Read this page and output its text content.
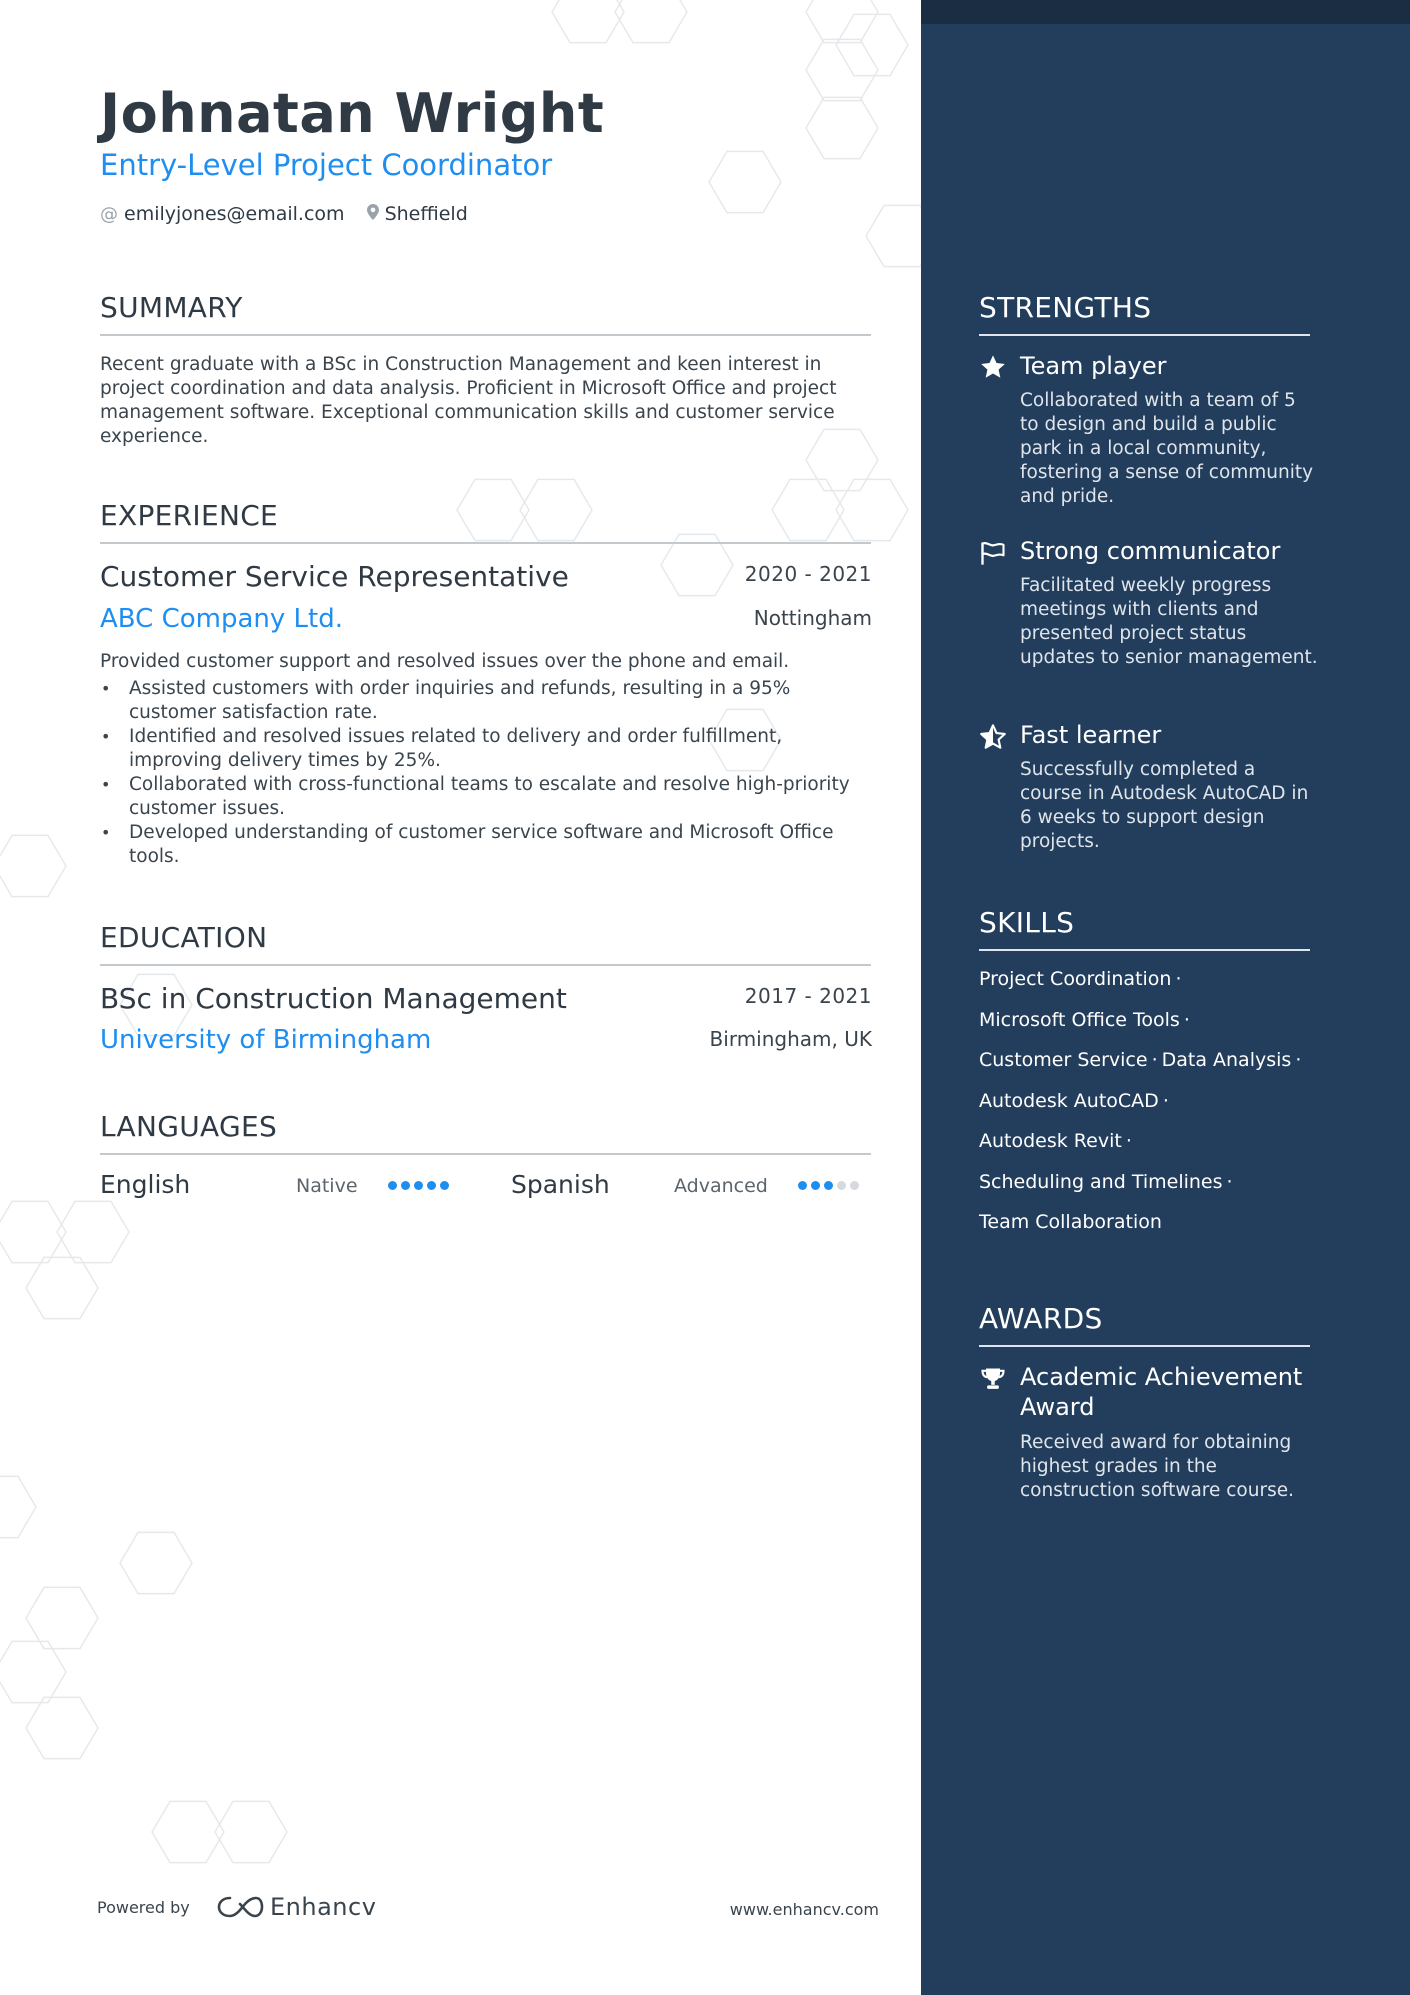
Johnatan Wright
Entry-Level Project Coordinator
@ emilyjones@email.com Sheffield
SUMMARY
Recent graduate with a BSc in Construction Management and keen interest in project coordination and data analysis. Proficient in Microsoft Office and project management software. Exceptional communication skills and customer service experience.
EXPERIENCE
Customer Service Representative	2020 - 2021
ABC Company Ltd.	Nottingham
Provided customer support and resolved issues over the phone and email.
• Assisted customers with order inquiries and refunds, resulting in a 95% customer satisfaction rate.
• Identified and resolved issues related to delivery and order fulfillment, improving delivery times by 25%.
• Collaborated with cross-functional teams to escalate and resolve high-priority customer issues.
• Developed understanding of customer service software and Microsoft Office tools.
EDUCATION
BSc in Construction Management	2017 - 2021
University of Birmingham	Birmingham, UK
LANGUAGES
English	Native	Spanish	Advanced
Powered by	Enhancv	www.enhancv.com
STRENGTHS
Team player
Collaborated with a team of 5 to design and build a public park in a local community, fostering a sense of community and pride.
Strong communicator
Facilitated weekly progress meetings with clients and presented project status updates to senior management.
Fast learner
Successfully completed a course in Autodesk AutoCAD in 6 weeks to support design projects.
SKILLS
Project Coordination ·
Microsoft Office Tools ·
Customer Service · Data Analysis ·
Autodesk AutoCAD ·
Autodesk Revit ·
Scheduling and Timelines ·
Team Collaboration
AWARDS
Academic Achievement Award
Received award for obtaining highest grades in the construction software course.
